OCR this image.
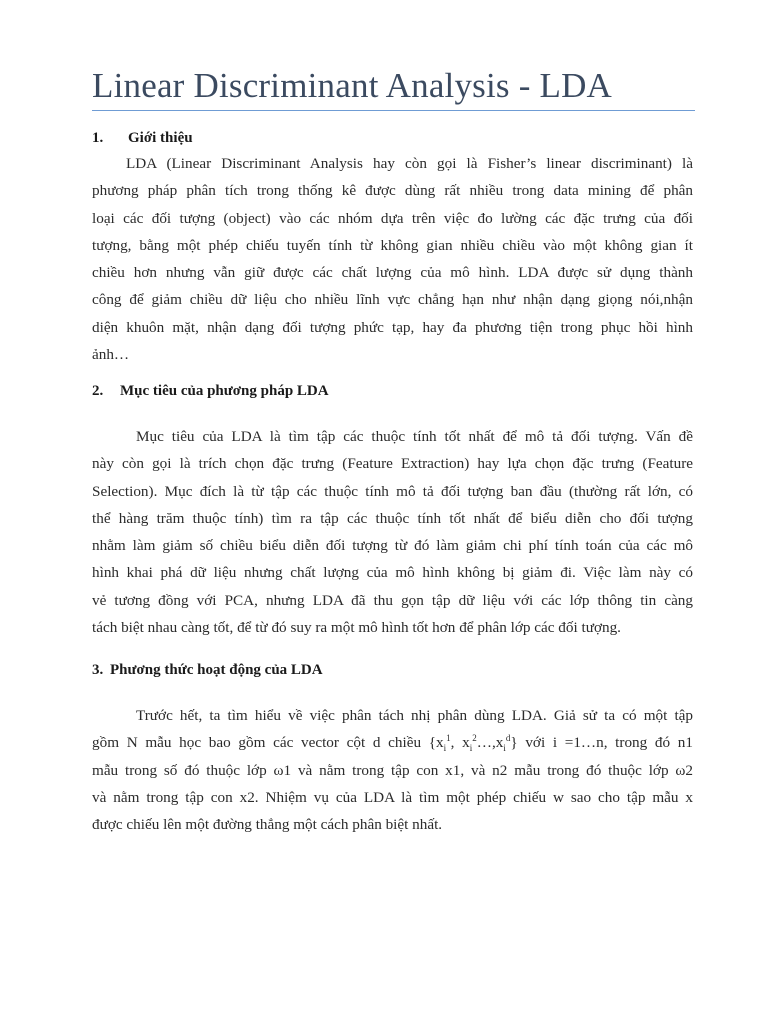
Linear Discriminant Analysis - LDA
1. Giới thiệu
LDA (Linear Discriminant Analysis hay còn gọi là Fisher’s linear discriminant) là
phương pháp phân tích trong thống kê được dùng rất nhiều trong data mining để phân
loại các đối tượng (object) vào các nhóm dựa trên việc đo lường các đặc trưng của đối
tượng, bằng một phép chiếu tuyến tính từ không gian nhiều chiều vào một không gian ít
chiều hơn nhưng vẫn giữ được các chất lượng của mô hình. LDA được sử dụng thành
công để giảm chiều dữ liệu cho nhiều lĩnh vực chẳng hạn như nhận dạng giọng nói,nhận
diện khuôn mặt, nhận dạng đối tượng phức tạp, hay đa phương tiện trong phục hồi hình
ảnh…
2. Mục tiêu của phương pháp LDA
Mục tiêu của LDA là tìm tập các thuộc tính tốt nhất để mô tả đối tượng. Vấn đề
này còn gọi là trích chọn đặc trưng (Feature Extraction) hay lựa chọn đặc trưng (Feature
Selection). Mục đích là từ tập các thuộc tính mô tả đối tượng ban đầu (thường rất lớn, có
thể hàng trăm thuộc tính) tìm ra tập các thuộc tính tốt nhất để biểu diễn cho đối tượng
nhằm làm giảm số chiều biểu diễn đối tượng từ đó làm giảm chi phí tính toán của các mô
hình khai phá dữ liệu nhưng chất lượng của mô hình không bị giảm đi. Việc làm này có
vẻ tương đồng với PCA, nhưng LDA đã thu gọn tập dữ liệu với các lớp thông tin càng
tách biệt nhau càng tốt, để từ đó suy ra một mô hình tốt hơn để phân lớp các đối tượng.
3. Phương thức hoạt động của LDA
Trước hết, ta tìm hiểu về việc phân tách nhị phân dùng LDA. Giả sử ta có một tập
gồm N mẫu học bao gồm các vector cột d chiều {$x_i^1$, $x_i^2\dots,x_i^d$} với i =1…n, trong đó n1
mẫu trong số đó thuộc lớp ω1 và nằm trong tập con x1, và n2 mẫu trong đó thuộc lớp ω2
và nằm trong tập con x2. Nhiệm vụ của LDA là tìm một phép chiếu w sao cho tập mẫu x
được chiếu lên một đường thẳng một cách phân biệt nhất.
